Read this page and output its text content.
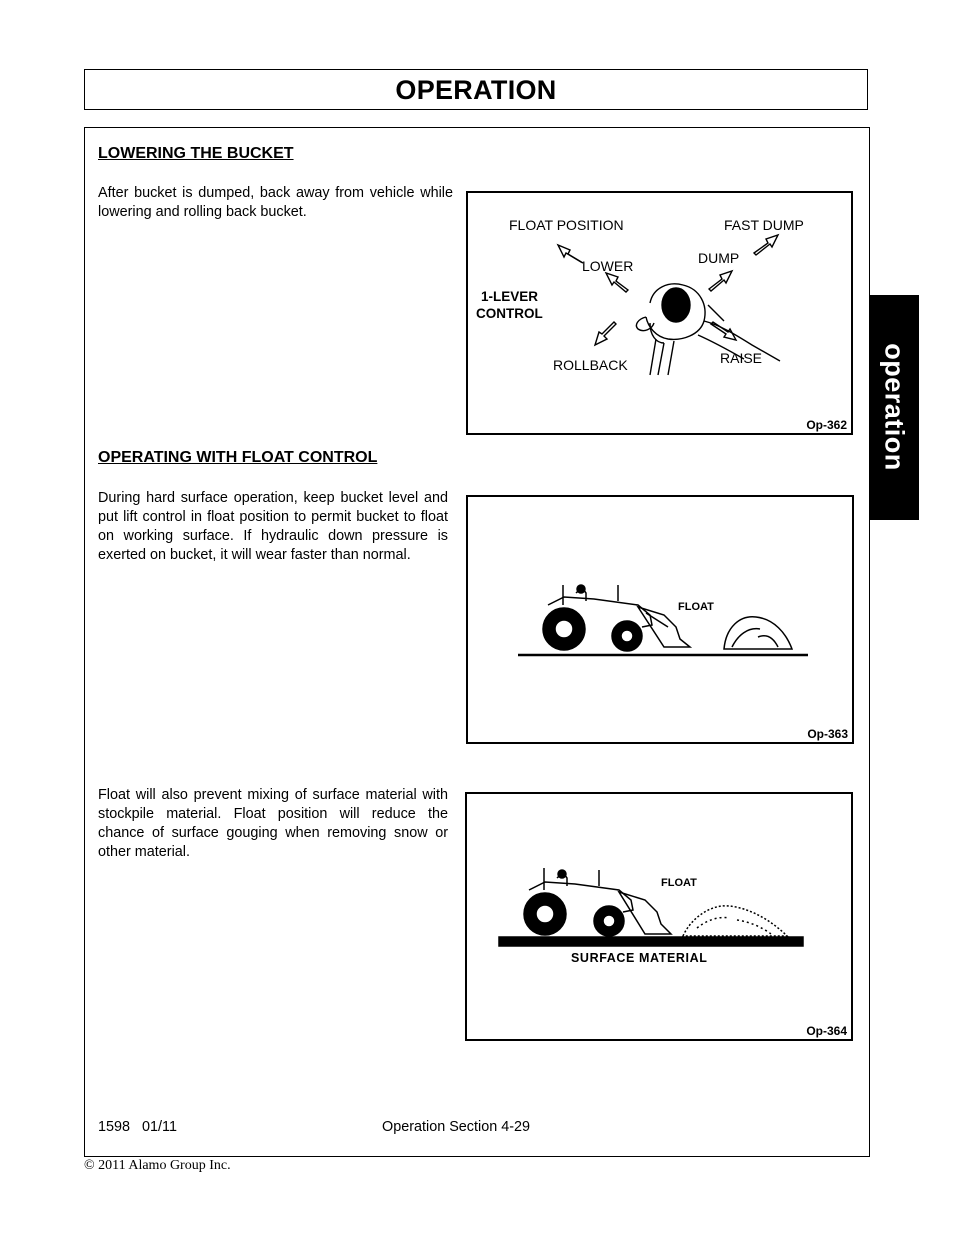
OPERATION
operation
LOWERING THE BUCKET

After bucket is dumped, back away from vehicle while lowering and rolling back bucket.

FLOAT POSITION	FAST DUMP
LOWER	DUMP
1-LEVER
CONTROL
ROLLBACK	RAISE
Op-362
OPERATING WITH FLOAT CONTROL

During hard surface operation, keep bucket level and put lift control in float position to permit bucket to float on working surface. If hydraulic down pressure is exerted on bucket, it will wear faster than normal.

FLOAT
Op-363

Float will also prevent mixing of surface material with stockpile material. Float position will reduce the chance of surface gouging when removing snow or other material.

FLOAT
SURFACE MATERIAL
Op-364
1598   01/11	Operation Section 4-29
© 2011 Alamo Group Inc.
